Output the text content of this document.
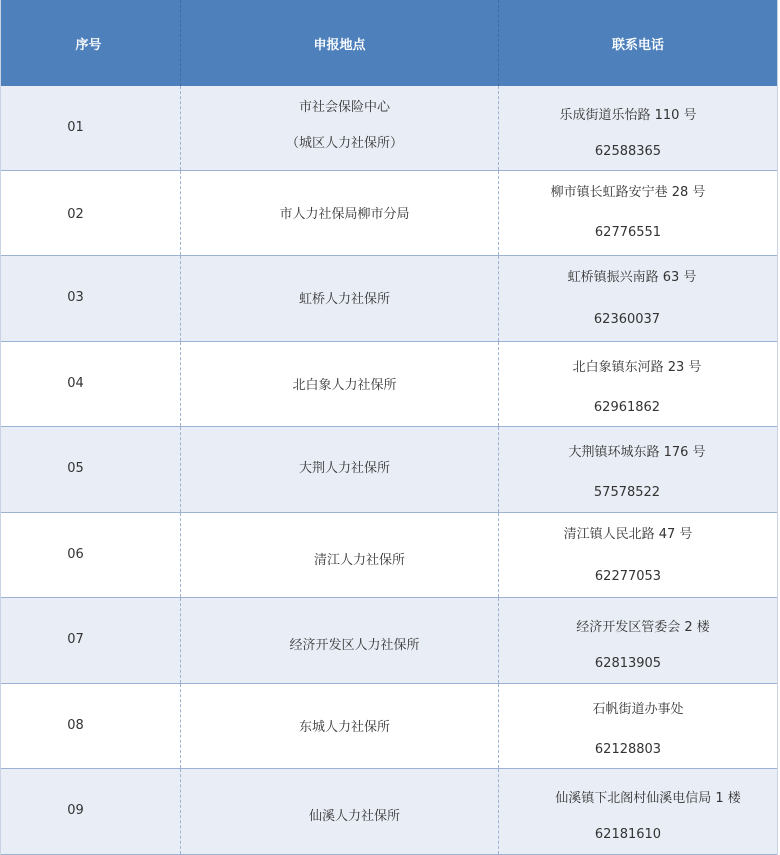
序号	申报地点	联系电话
01
市社会保险中心
（城区人力社保所）
乐成街道乐怡路 110 号
62588365
02	市人力社保局柳市分局
柳市镇长虹路安宁巷 28 号
62776551
03	虹桥人力社保所
虹桥镇振兴南路 63 号
62360037
04	北白象人力社保所
北白象镇东河路 23 号
62961862
05	大荆人力社保所
大荆镇环城东路 176 号
57578522
06	清江人力社保所
清江镇人民北路 47 号
62277053
07	经济开发区人力社保所
经济开发区管委会 2 楼
62813905
08	东城人力社保所
石帆街道办事处
62128803
09	仙溪人力社保所
仙溪镇下北阁村仙溪电信局 1 楼
62181610
